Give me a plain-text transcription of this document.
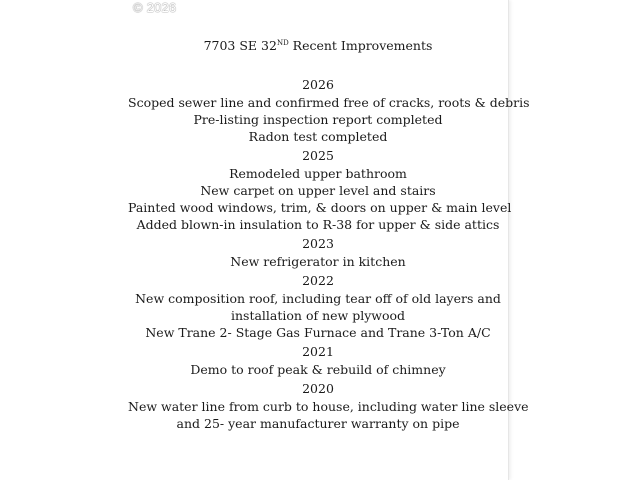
© 2026
7703 SE 32ND Recent Improvements
2026
Scoped sewer line and confirmed free of cracks, roots & debris
Pre-listing inspection report completed
Radon test completed
2025
Remodeled upper bathroom
New carpet on upper level and stairs
Painted wood windows, trim, & doors on upper & main level
Added blown-in insulation to R-38 for upper & side attics
2023
New refrigerator in kitchen
2022
New composition roof, including tear off of old layers and
installation of new plywood
New Trane 2- Stage Gas Furnace and Trane 3-Ton A/C
2021
Demo to roof peak & rebuild of chimney
2020
New water line from curb to house, including water line sleeve
and 25- year manufacturer warranty on pipe
